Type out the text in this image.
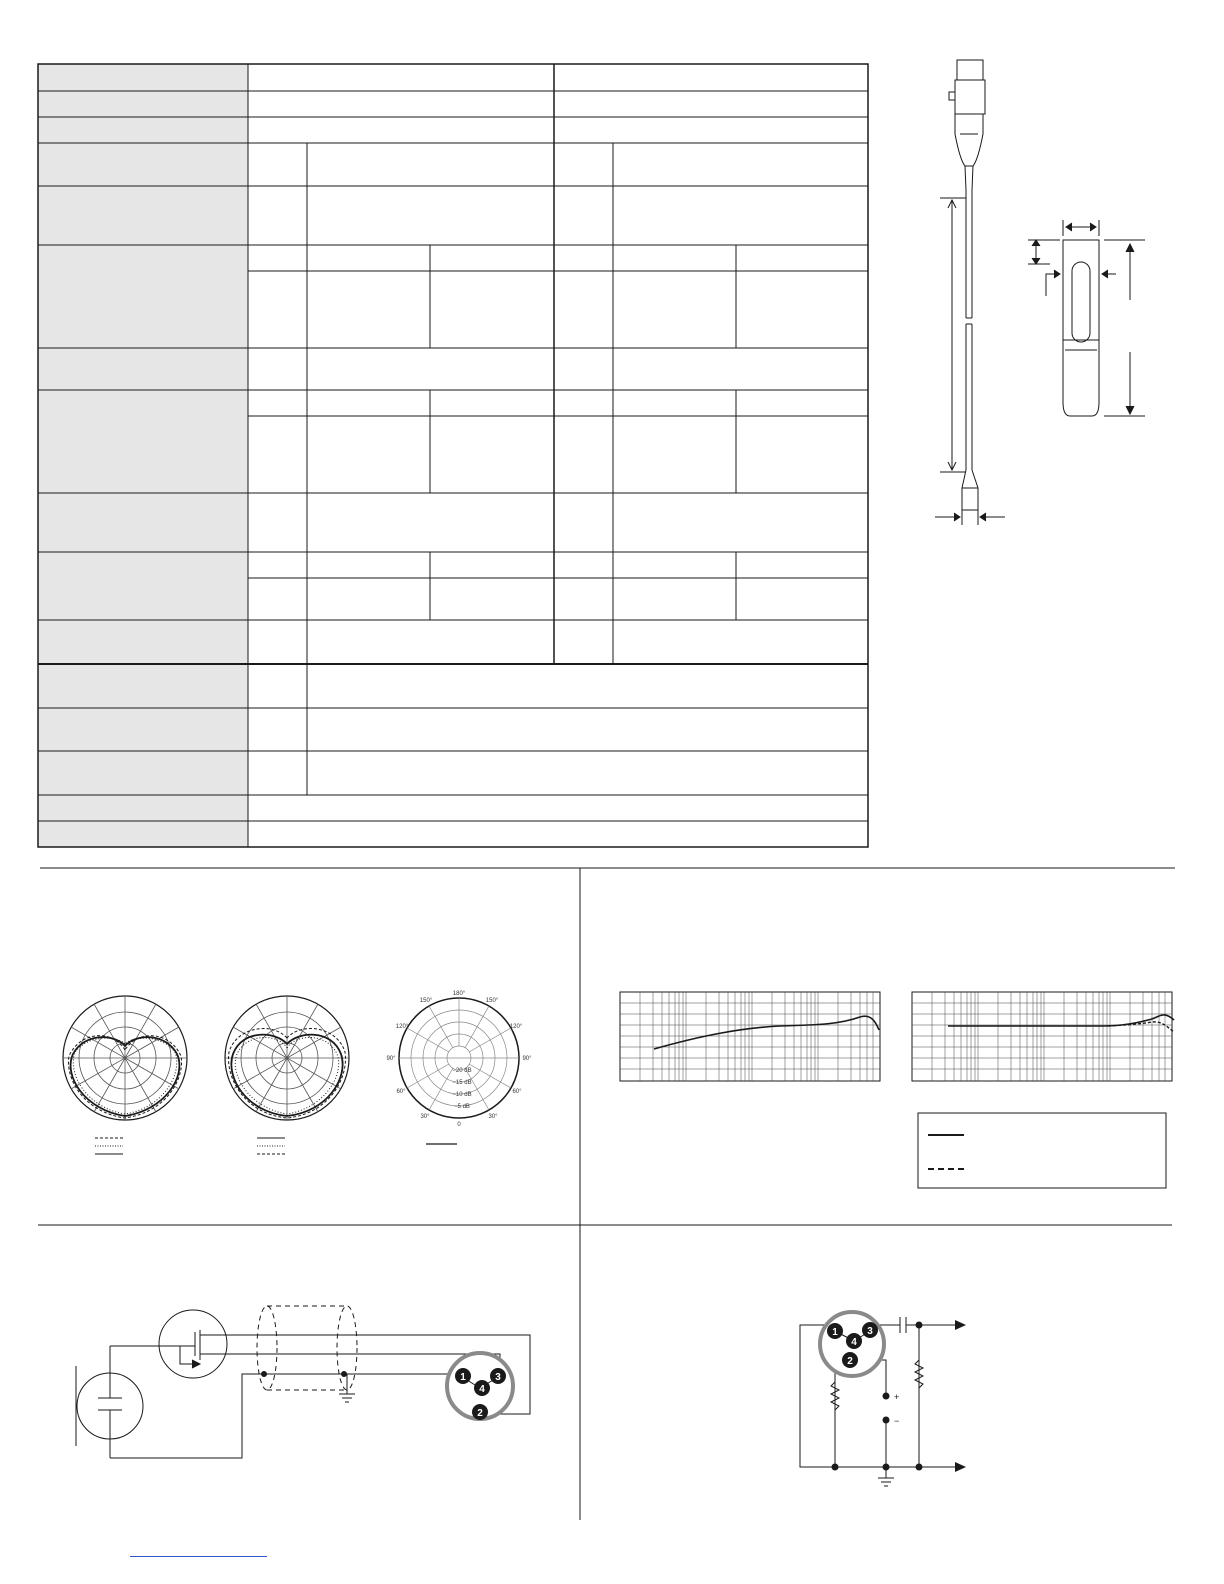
180°
150°	150°
120°	120°
90°	90°
60°	60°
30°	30°
0
−20 dB
−15 dB
−10 dB
−5 dB
1
4
3
2
+
−
1
4
3
2
